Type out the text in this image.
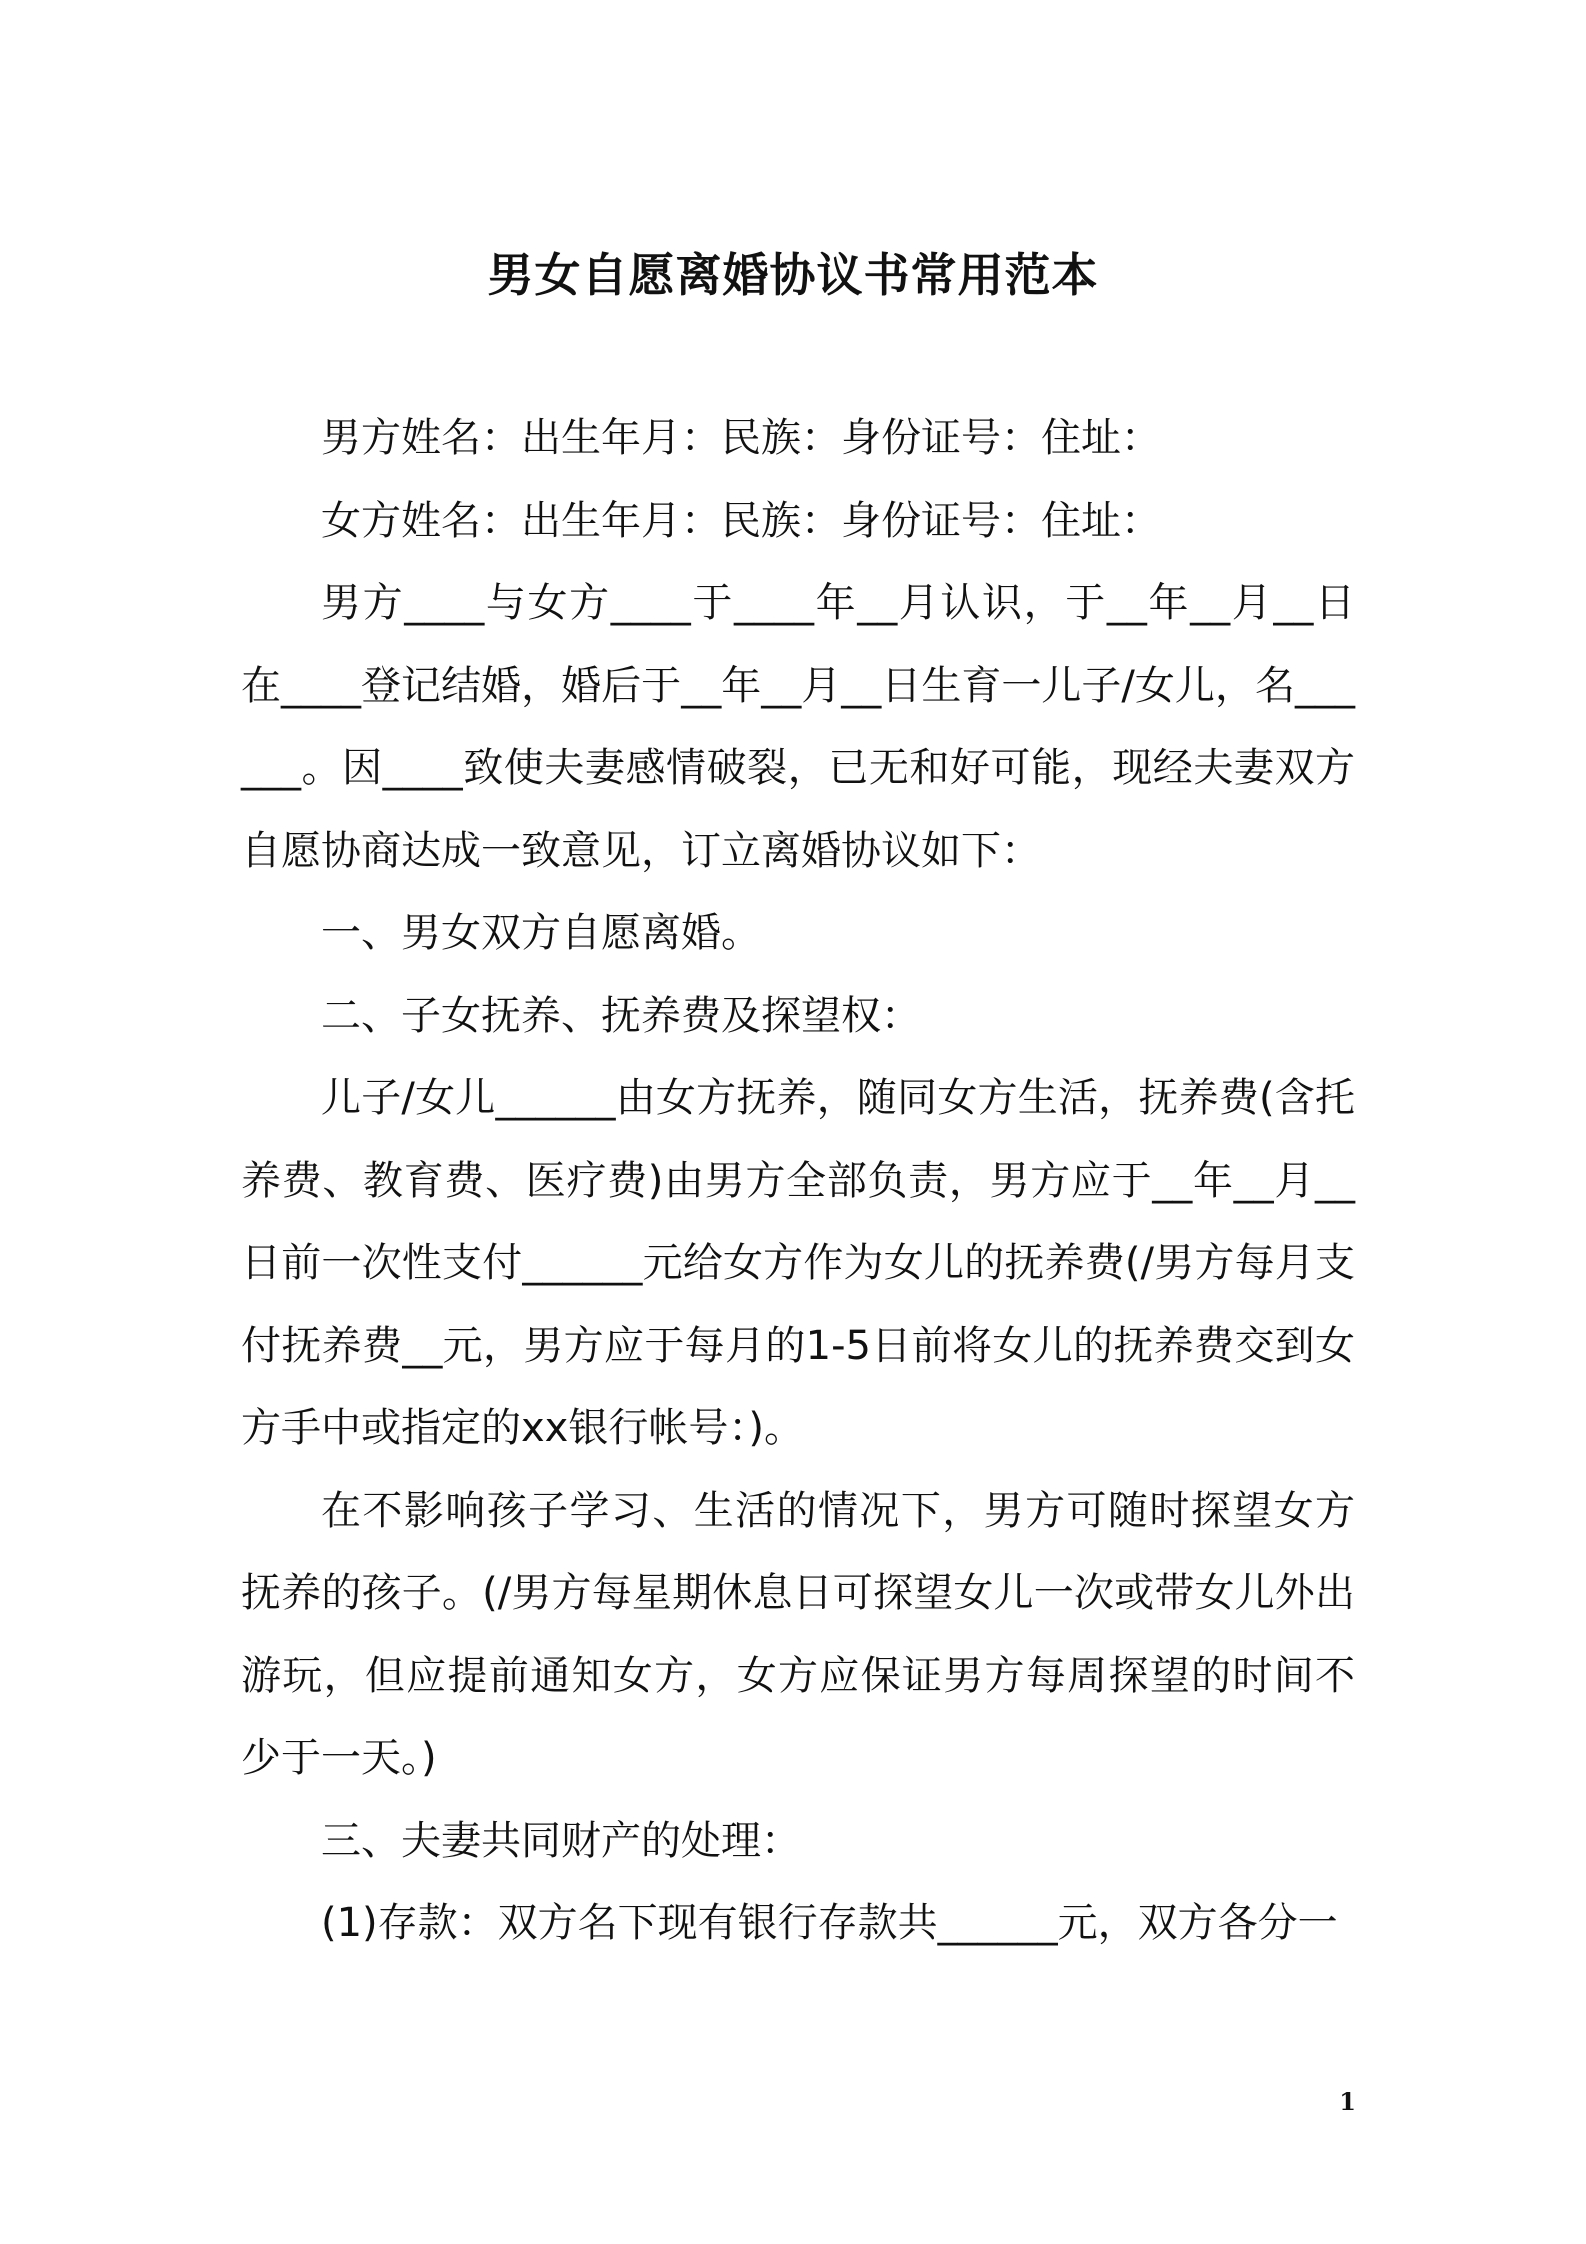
男女自愿离婚协议书常用范本

男方姓名：出生年月：民族：身份证号：住址：

女方姓名：出生年月：民族：身份证号：住址：

男方____与女方____于____年__月认识，于__年__月__日在____登记结婚，婚后于__年__月__日生育一儿子/女儿，名______。因____致使夫妻感情破裂，已无和好可能，现经夫妻双方自愿协商达成一致意见，订立离婚协议如下：

一、男女双方自愿离婚。

二、子女抚养、抚养费及探望权：

儿子/女儿______由女方抚养，随同女方生活，抚养费(含托养费、教育费、医疗费)由男方全部负责，男方应于__年__月__日前一次性支付______元给女方作为女儿的抚养费(/男方每月支付抚养费__元，男方应于每月的1-5日前将女儿的抚养费交到女方手中或指定的xx银行帐号：)。

在不影响孩子学习、生活的情况下，男方可随时探望女方抚养的孩子。(/男方每星期休息日可探望女儿一次或带女儿外出游玩，但应提前通知女方，女方应保证男方每周探望的时间不少于一天。)

三、夫妻共同财产的处理：

(1)存款：双方名下现有银行存款共______元，双方各分一

1
